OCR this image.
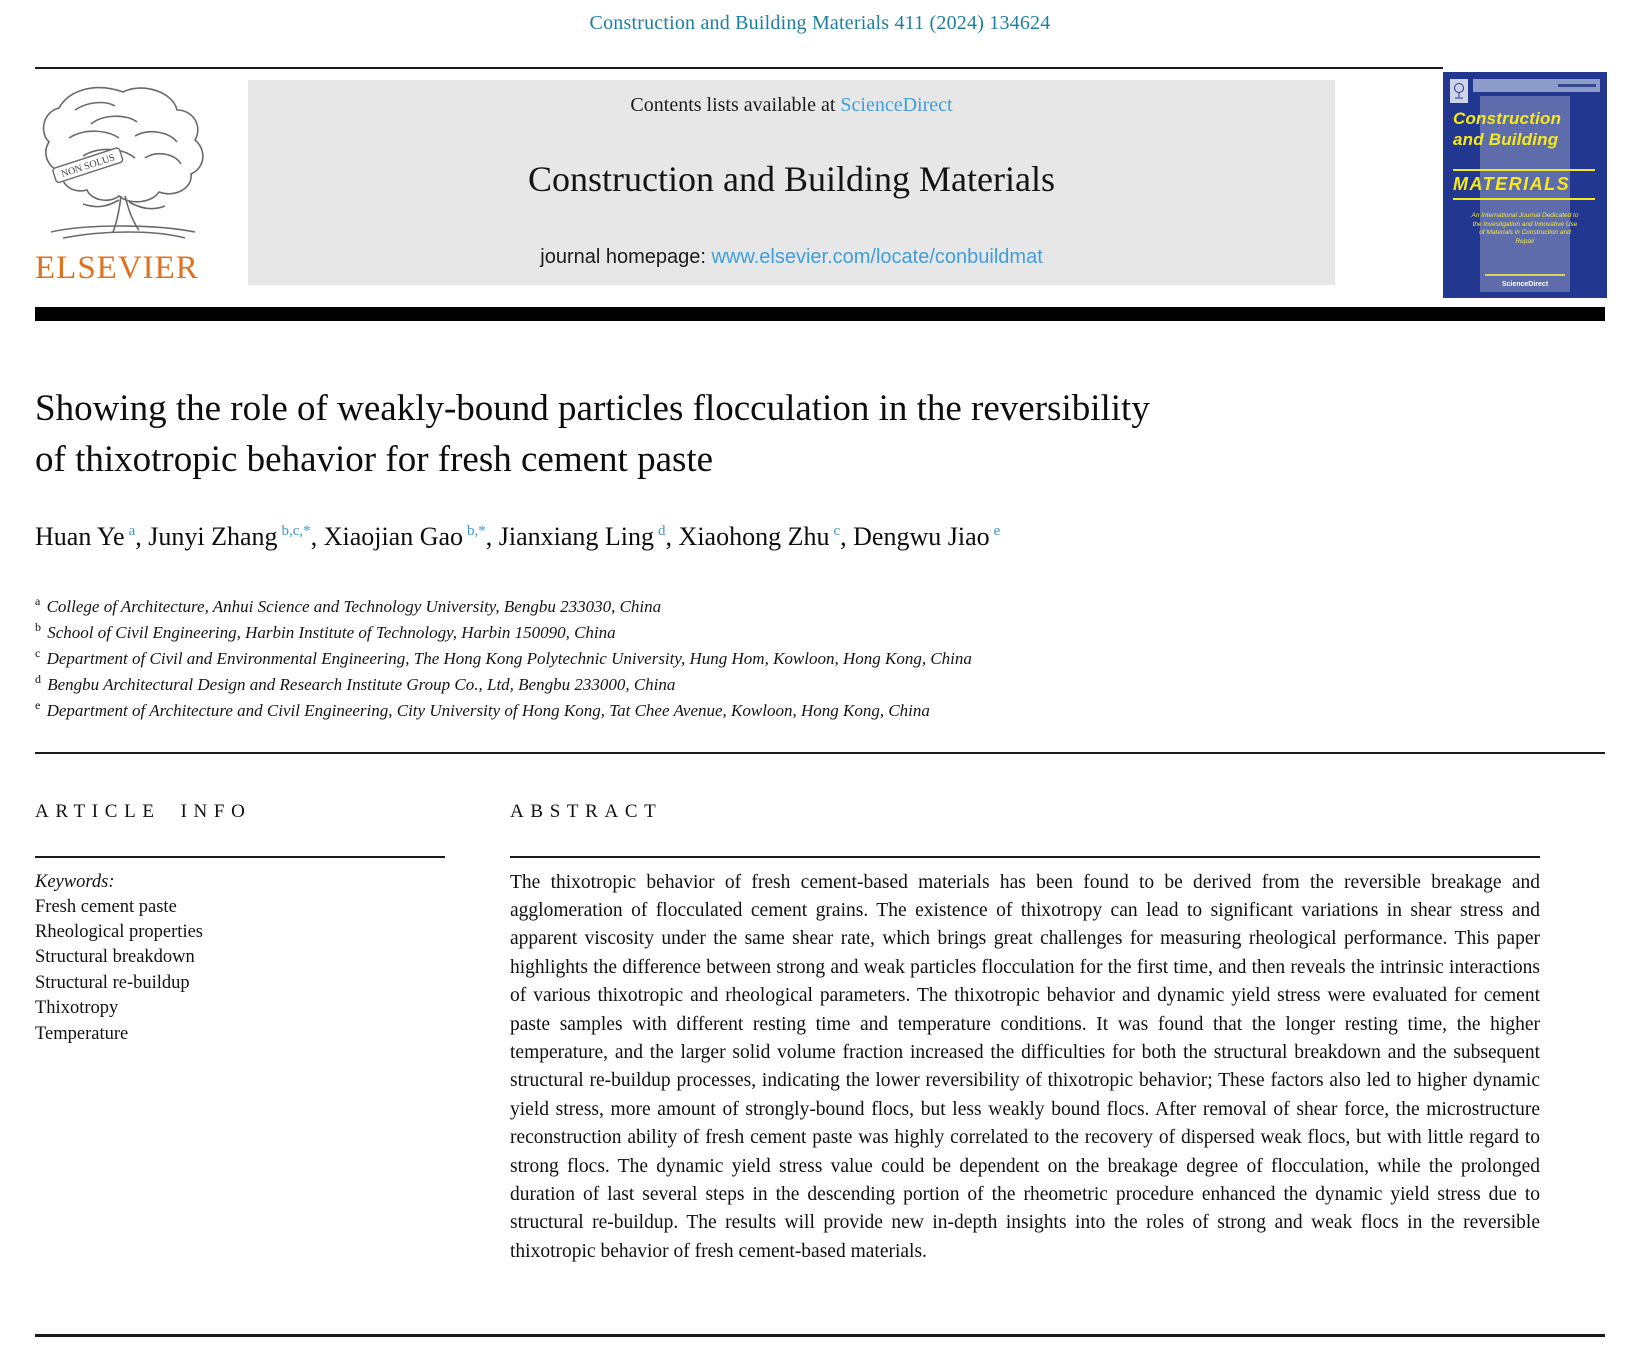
Construction and Building Materials 411 (2024) 134624
NON SOLUS
ELSEVIER
Contents lists available at ScienceDirect
Construction and Building Materials
journal homepage: www.elsevier.com/locate/conbuildmat
Construction
and Building
MATERIALS
An International Journal Dedicated to the Investigation and Innovative Use of Materials in Construction and Repair
ScienceDirect
Showing the role of weakly-bound particles flocculation in the reversibility
of thixotropic behavior for fresh cement paste
Huan Ye $^a$, Junyi Zhang $^{b,c,*}$, Xiaojian Gao $^{b,*}$, Jianxiang Ling $^d$, Xiaohong Zhu $^c$, Dengwu Jiao $^e$
$^a$ College of Architecture, Anhui Science and Technology University, Bengbu 233030, China
$^b$ School of Civil Engineering, Harbin Institute of Technology, Harbin 150090, China
$^c$ Department of Civil and Environmental Engineering, The Hong Kong Polytechnic University, Hung Hom, Kowloon, Hong Kong, China
$^d$ Bengbu Architectural Design and Research Institute Group Co., Ltd, Bengbu 233000, China
$^e$ Department of Architecture and Civil Engineering, City University of Hong Kong, Tat Chee Avenue, Kowloon, Hong Kong, China
ARTICLE INFO
Keywords:
Fresh cement paste
Rheological properties
Structural breakdown
Structural re-buildup
Thixotropy
Temperature
ABSTRACT

The thixotropic behavior of fresh cement-based materials has been found to be derived from the reversible breakage and agglomeration of flocculated cement grains. The existence of thixotropy can lead to significant variations in shear stress and apparent viscosity under the same shear rate, which brings great challenges for measuring rheological performance. This paper highlights the difference between strong and weak particles flocculation for the first time, and then reveals the intrinsic interactions of various thixotropic and rheological parameters. The thixotropic behavior and dynamic yield stress were evaluated for cement paste samples with different resting time and temperature conditions. It was found that the longer resting time, the higher temperature, and the larger solid volume fraction increased the difficulties for both the structural breakdown and the subsequent structural re-buildup processes, indicating the lower reversibility of thixotropic behavior; These factors also led to higher dynamic yield stress, more amount of strongly-bound flocs, but less weakly bound flocs. After removal of shear force, the microstructure reconstruction ability of fresh cement paste was highly correlated to the recovery of dispersed weak flocs, but with little regard to strong flocs. The dynamic yield stress value could be dependent on the breakage degree of flocculation, while the prolonged duration of last several steps in the descending portion of the rheometric procedure enhanced the dynamic yield stress due to structural re-buildup. The results will provide new in-depth insights into the roles of strong and weak flocs in the reversible thixotropic behavior of fresh cement-based materials.
